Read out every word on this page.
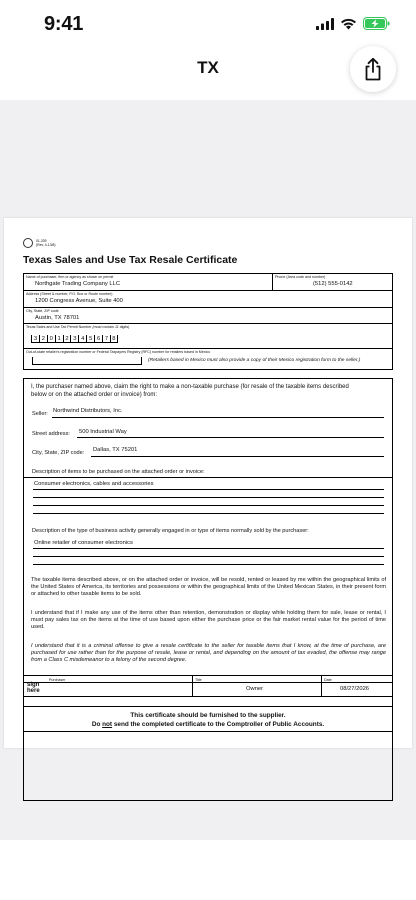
9:41
TX
01-339
(Rev. 4-13/8)
Texas Sales and Use Tax Resale Certificate
Name of purchaser, firm or agency as shown on permit
Northgate Trading Company LLC
Phone (Area code and number)
(512) 555-0142
Address (Street & number, P.O. Box or Route number)
1200 Congress Avenue, Suite 400
City, State, ZIP code
Austin, TX 78701
Texas Sales and Use Tax Permit Number (must contain 11 digits)
3 2 0 1 2 3 4 5 6 7 8
Out-of-state retailer's registration number or Federal Taxpayers Registry (RFC) number for retailers based in Mexico
(Retailers based in Mexico must also provide a copy of their Mexico registration form to the seller.)
I, the purchaser named above, claim the right to make a non-taxable purchase (for resale of the taxable items described below or on the attached order or invoice) from:
Seller: Northwind Distributors, Inc.
Street address: 500 Industrial Way
City, State, ZIP code: Dallas, TX 75201
Description of items to be purchased on the attached order or invoice:
Consumer electronics, cables and accessories
Description of the type of business activity generally engaged in or type of items normally sold by the purchaser:
Online retailer of consumer electronics
The taxable items described above, or on the attached order or invoice, will be resold, rented or leased by me within the geographical limits of the United States of America, its territories and possessions or within the geographical limits of the United Mexican States, in their present form or attached to other taxable items to be sold.
I understand that if I make any use of the items other than retention, demonstration or display while holding them for sale, lease or rental, I must pay sales tax on the items at the time of use based upon either the purchase price or the fair market rental value for the period of time used.
I understand that it is a criminal offense to give a resale certificate to the seller for taxable items that I know, at the time of purchase, are purchased for use rather than for the purpose of resale, lease or rental, and depending on the amount of tax evaded, the offense may range from a Class C misdemeanor to a felony of the second degree.
sign here
Purchaser	Title
Owner
Date
08/27/2026
This certificate should be furnished to the supplier.
Do not send the completed certificate to the Comptroller of Public Accounts.
